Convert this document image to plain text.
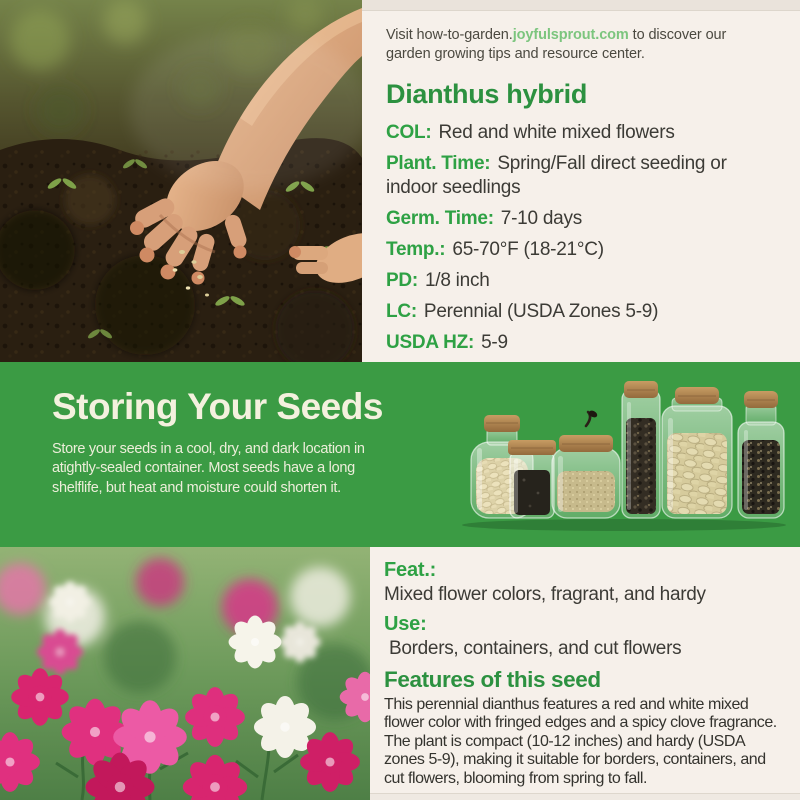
Visit how-to-garden.joyfulsprout.com to discover our garden growing tips and resource center.

Dianthus hybrid

COL: Red and white mixed flowers

Plant. Time: Spring/Fall direct seeding or indoor seedlings

Germ. Time: 7-10 days

Temp.: 65-70°F (18-21°C)

PD: 1/8 inch

LC: Perennial (USDA Zones 5-9)

USDA HZ: 5-9

Storing Your Seeds

Store your seeds in a cool, dry, and dark location in atightly-sealed container. Most seeds have a long shelflife, but heat and moisture could shorten it.

Feat.:

Mixed flower colors, fragrant, and hardy

Use:

Borders, containers, and cut flowers

Features of this seed

This perennial dianthus features a red and white mixed flower color with fringed edges and a spicy clove fragrance. The plant is compact (10-12 inches) and hardy (USDA zones 5-9), making it suitable for borders, containers, and cut flowers, blooming from spring to fall.
